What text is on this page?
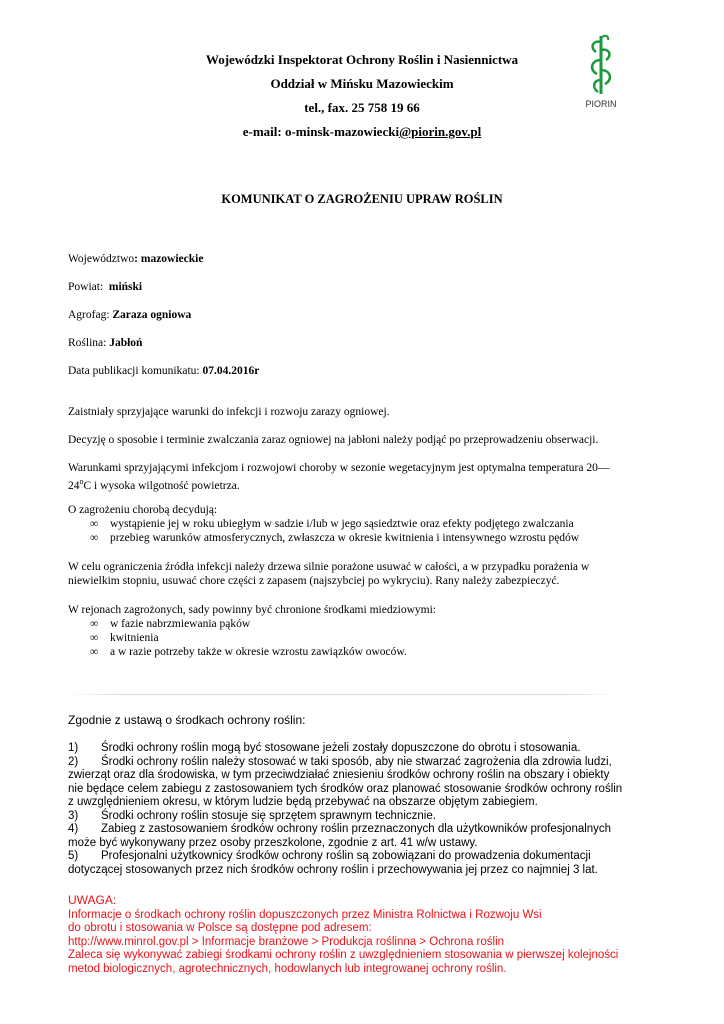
Wojewódzki Inspektorat Ochrony Roślin i Nasiennictwa
Oddział w Mińsku Mazowieckim
tel., fax. 25 758 19 66
e-mail: o-minsk-mazowiecki@piorin.gov.pl
PIORIN
KOMUNIKAT O ZAGROŻENIU UPRAW ROŚLIN
Województwo: mazowieckie
Powiat: miński
Agrofag: Zaraza ogniowa
Roślina: Jabłoń
Data publikacji komunikatu: 07.04.2016r
Zaistniały sprzyjające warunki do infekcji i rozwoju zarazy ogniowej.
Decyzję o sposobie i terminie zwalczania zaraz ogniowej na jabłoni należy podjąć po przeprowadzeniu obserwacji.
Warunkami sprzyjającymi infekcjom i rozwojowi choroby w sezonie wegetacyjnym jest optymalna temperatura 20—
24$^o$C i wysoka wilgotność powietrza.
O zagrożeniu chorobą decydują:
∞ wystąpienie jej w roku ubiegłym w sadzie i/lub w jego sąsiedztwie oraz efekty podjętego zwalczania
∞ przebieg warunków atmosferycznych, zwłaszcza w okresie kwitnienia i intensywnego wzrostu pędów
W celu ograniczenia źródła infekcji należy drzewa silnie porażone usuwać w całości, a w przypadku porażenia w
niewielkim stopniu, usuwać chore części z zapasem (najszybciej po wykryciu). Rany należy zabezpieczyć.
W rejonach zagrożonych, sady powinny być chronione środkami miedziowymi:
∞ w fazie nabrzmiewania pąków
∞ kwitnienia
∞ a w razie potrzeby także w okresie wzrostu zawiązków owoców.
Zgodnie z ustawą o środkach ochrony roślin:
1)	Środki ochrony roślin mogą być stosowane jeżeli zostały dopuszczone do obrotu i stosowania.
2)	Środki ochrony roślin należy stosować w taki sposób, aby nie stwarzać zagrożenia dla zdrowia ludzi,
zwierząt oraz dla środowiska, w tym przeciwdziałać zniesieniu środków ochrony roślin na obszary i obiekty
nie będące celem zabiegu z zastosowaniem tych środków oraz planować stosowanie środków ochrony roślin
z uwzględnieniem okresu, w którym ludzie będą przebywać na obszarze objętym zabiegiem.
3)	Środki ochrony roślin stosuje się sprzętem sprawnym technicznie.
4)	Zabieg z zastosowaniem środków ochrony roślin przeznaczonych dla użytkowników profesjonalnych
może być wykonywany przez osoby przeszkolone, zgodnie z art. 41 w/w ustawy.
5)	Profesjonalni użytkownicy środków ochrony roślin są zobowiązani do prowadzenia dokumentacji
dotyczącej stosowanych przez nich środków ochrony roślin i przechowywania jej przez co najmniej 3 lat.
UWAGA:
Informacje o środkach ochrony roślin dopuszczonych przez Ministra Rolnictwa i Rozwoju Wsi
do obrotu i stosowania w Polsce są dostępne pod adresem:
http://www.minrol.gov.pl > Informacje branżowe > Produkcja roślinna > Ochrona roślin
Zaleca się wykonywać zabiegi środkami ochrony roślin z uwzględnieniem stosowania w pierwszej kolejności
metod biologicznych, agrotechnicznych, hodowlanych lub integrowanej ochrony roślin.
